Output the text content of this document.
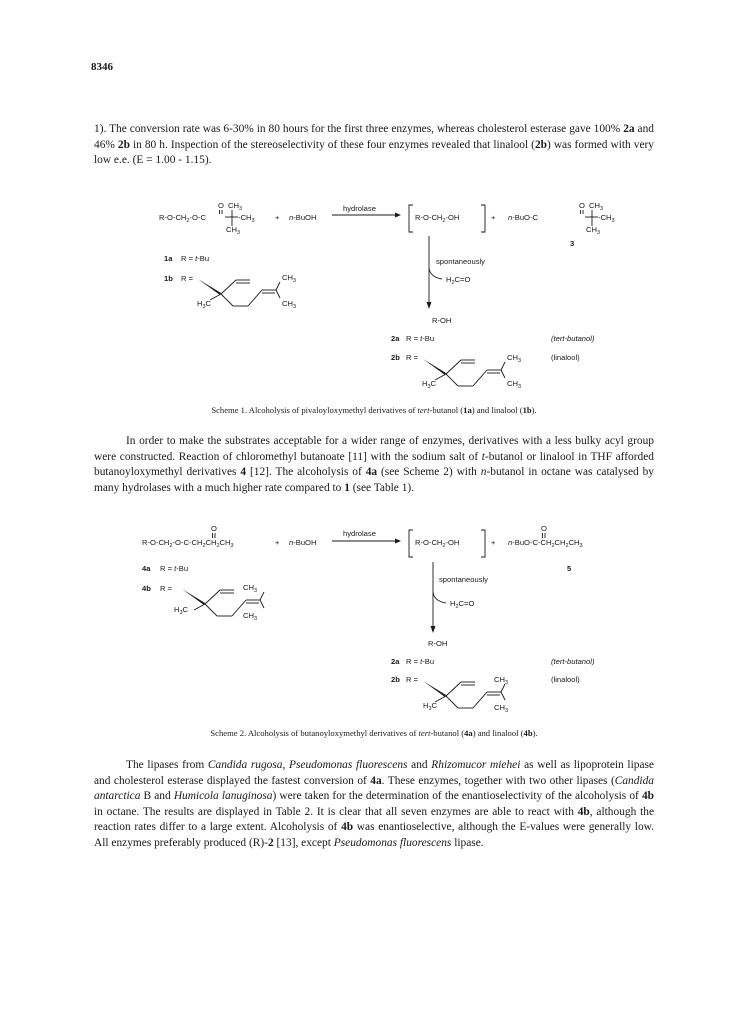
8346

1). The conversion rate was 6-30% in 80 hours for the first three enzymes, whereas cholesterol esterase gave 100% 2a and 46% 2b in 80 h. Inspection of the stereoselectivity of these four enzymes revealed that linalool (2b) was formed with very low e.e. (E = 1.00 - 1.15).

O $CH_3$
$R-O-CH_2-O-C$	$-CH_3$
$CH_3$
+ n-BuOH
hydrolase
$R-O-CH_2-OH$	+
O $CH_3$
n-BuO-C	$-CH_3$
$CH_3$
3
1a R = t-Bu
1b R =	$CH_3$
$CH_3$
$H_3C$
spontaneously
$H_2C=O$
R-OH
2a R = t-Bu	(tert-butanol)
2b R =	(linalool)
$CH_3$
$CH_3$
$H_3C$
O
$R-O-CH_2-O-C-CH_2CH_2CH_3$	+ n-BuOH
hydrolase
$R-O-CH_2-OH$	+
O
$n-BuO-C-CH_2CH_2CH_3$
5
4a R = t-Bu
4b R =	$CH_3$
$CH_3$
$H_3C$
spontaneously
$H_2C=O$
R-OH
2a R = t-Bu	(tert-butanol)
2b R =	(linalool)
$CH_3$
$CH_3$
$H_3C$
Scheme 1. Alcoholysis of pivaloyloxymethyl derivatives of tert-butanol (1a) and linalool (1b).

In order to make the substrates acceptable for a wider range of enzymes, derivatives with a less bulky acyl group were constructed. Reaction of chloromethyl butanoate [11] with the sodium salt of t-butanol or linalool in THF afforded butanoyloxymethyl derivatives 4 [12]. The alcoholysis of 4a (see Scheme 2) with n-butanol in octane was catalysed by many hydrolases with a much higher rate compared to 1 (see Table 1).

Scheme 2. Alcoholysis of butanoyloxymethyl derivatives of tert-butanol (4a) and linalool (4b).

The lipases from Candida rugosa, Pseudomonas fluorescens and Rhizomucor miehei as well as lipoprotein lipase and cholesterol esterase displayed the fastest conversion of 4a. These enzymes, together with two other lipases (Candida antarctica B and Humicola lanuginosa) were taken for the determination of the enantioselectivity of the alcoholysis of 4b in octane. The results are displayed in Table 2. It is clear that all seven enzymes are able to react with 4b, although the reaction rates differ to a large extent. Alcoholysis of 4b was enantioselective, although the E-values were generally low. All enzymes preferably produced (R)-2 [13], except Pseudomonas fluorescens lipase.
